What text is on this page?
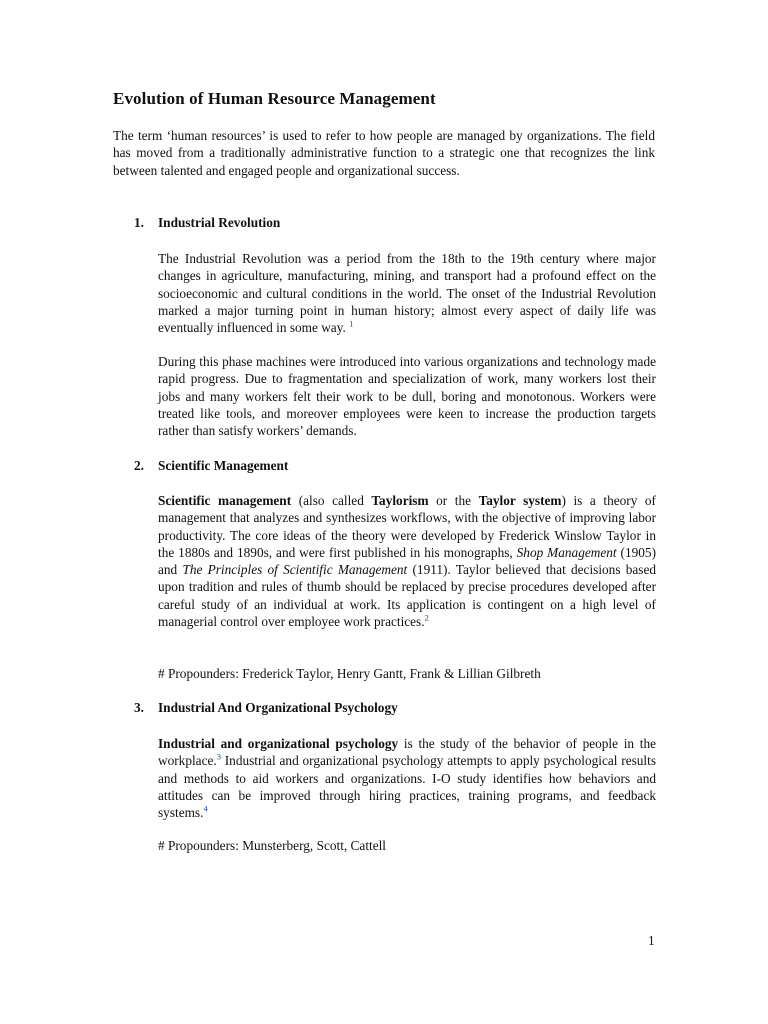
Evolution of Human Resource Management
The term ‘human resources’ is used to refer to how people are managed by organizations. The field has moved from a traditionally administrative function to a strategic one that recognizes the link between talented and engaged people and organizational success.
1. Industrial Revolution
The Industrial Revolution was a period from the 18th to the 19th century where major changes in agriculture, manufacturing, mining, and transport had a profound effect on the socioeconomic and cultural conditions in the world. The onset of the Industrial Revolution marked a major turning point in human history; almost every aspect of daily life was eventually influenced in some way. $^1$
During this phase machines were introduced into various organizations and technology made rapid progress. Due to fragmentation and specialization of work, many workers lost their jobs and many workers felt their work to be dull, boring and monotonous. Workers were treated like tools, and moreover employees were keen to increase the production targets rather than satisfy workers’ demands.
2. Scientific Management
Scientific management (also called Taylorism or the Taylor system) is a theory of management that analyzes and synthesizes workflows, with the objective of improving labor productivity. The core ideas of the theory were developed by Frederick Winslow Taylor in the 1880s and 1890s, and were first published in his monographs, Shop Management (1905) and The Principles of Scientific Management (1911). Taylor believed that decisions based upon tradition and rules of thumb should be replaced by precise procedures developed after careful study of an individual at work. Its application is contingent on a high level of managerial control over employee work practices.$^2$
# Propounders: Frederick Taylor, Henry Gantt, Frank & Lillian Gilbreth
3. Industrial And Organizational Psychology
Industrial and organizational psychology is the study of the behavior of people in the workplace.$^3$ Industrial and organizational psychology attempts to apply psychological results and methods to aid workers and organizations. I-O study identifies how behaviors and attitudes can be improved through hiring practices, training programs, and feedback systems.$^4$
# Propounders: Munsterberg, Scott, Cattell
1
